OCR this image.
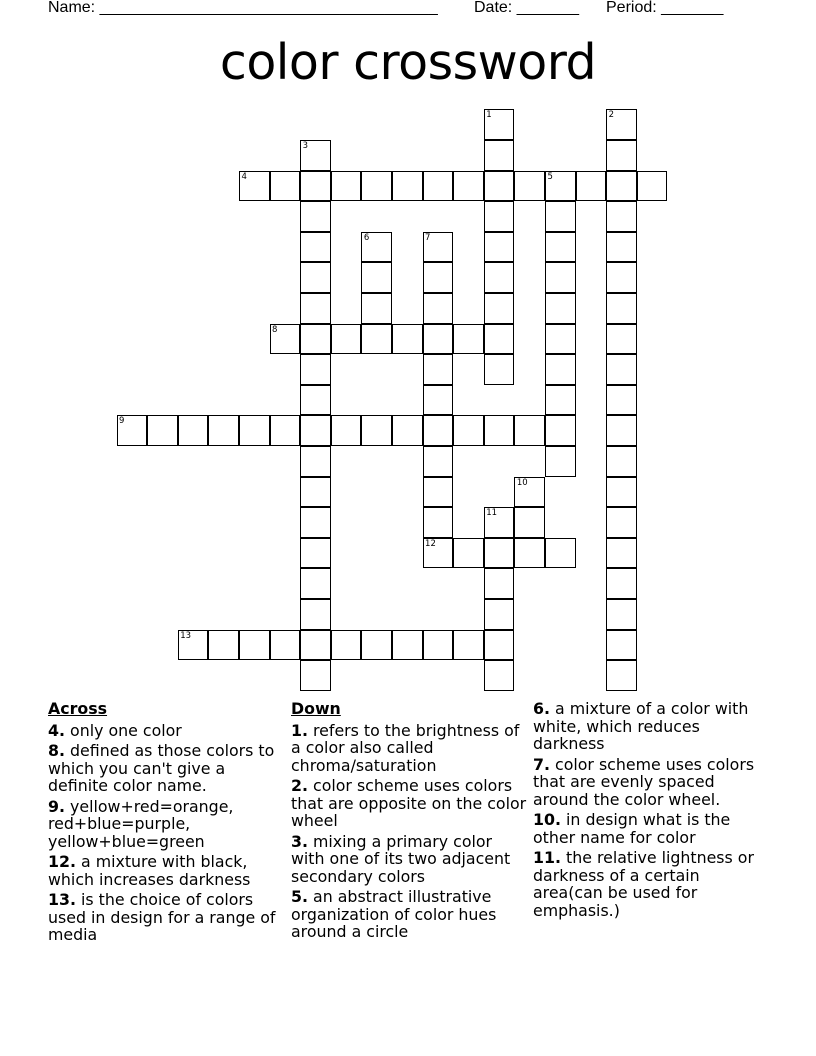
Name: ______________________________________ Date: _______ Period: _______
color crossword
1	2
3
4	5
6	7
12
8
9
10
11
13
Across
4. only one color
8. defined as those colors to which you can't give a definite color name.
9. yellow+red=orange, red+blue=purple, yellow+blue=green
12. a mixture with black, which increases darkness
13. is the choice of colors used in design for a range of media
Down
1. refers to the brightness of a color also called chroma/saturation
2. color scheme uses colors that are opposite on the color wheel
3. mixing a primary color with one of its two adjacent secondary colors
5. an abstract illustrative organization of color hues around a circle
6. a mixture of a color with white, which reduces darkness
7. color scheme uses colors that are evenly spaced around the color wheel.
10. in design what is the other name for color
11. the relative lightness or darkness of a certain area(can be used for emphasis.)
